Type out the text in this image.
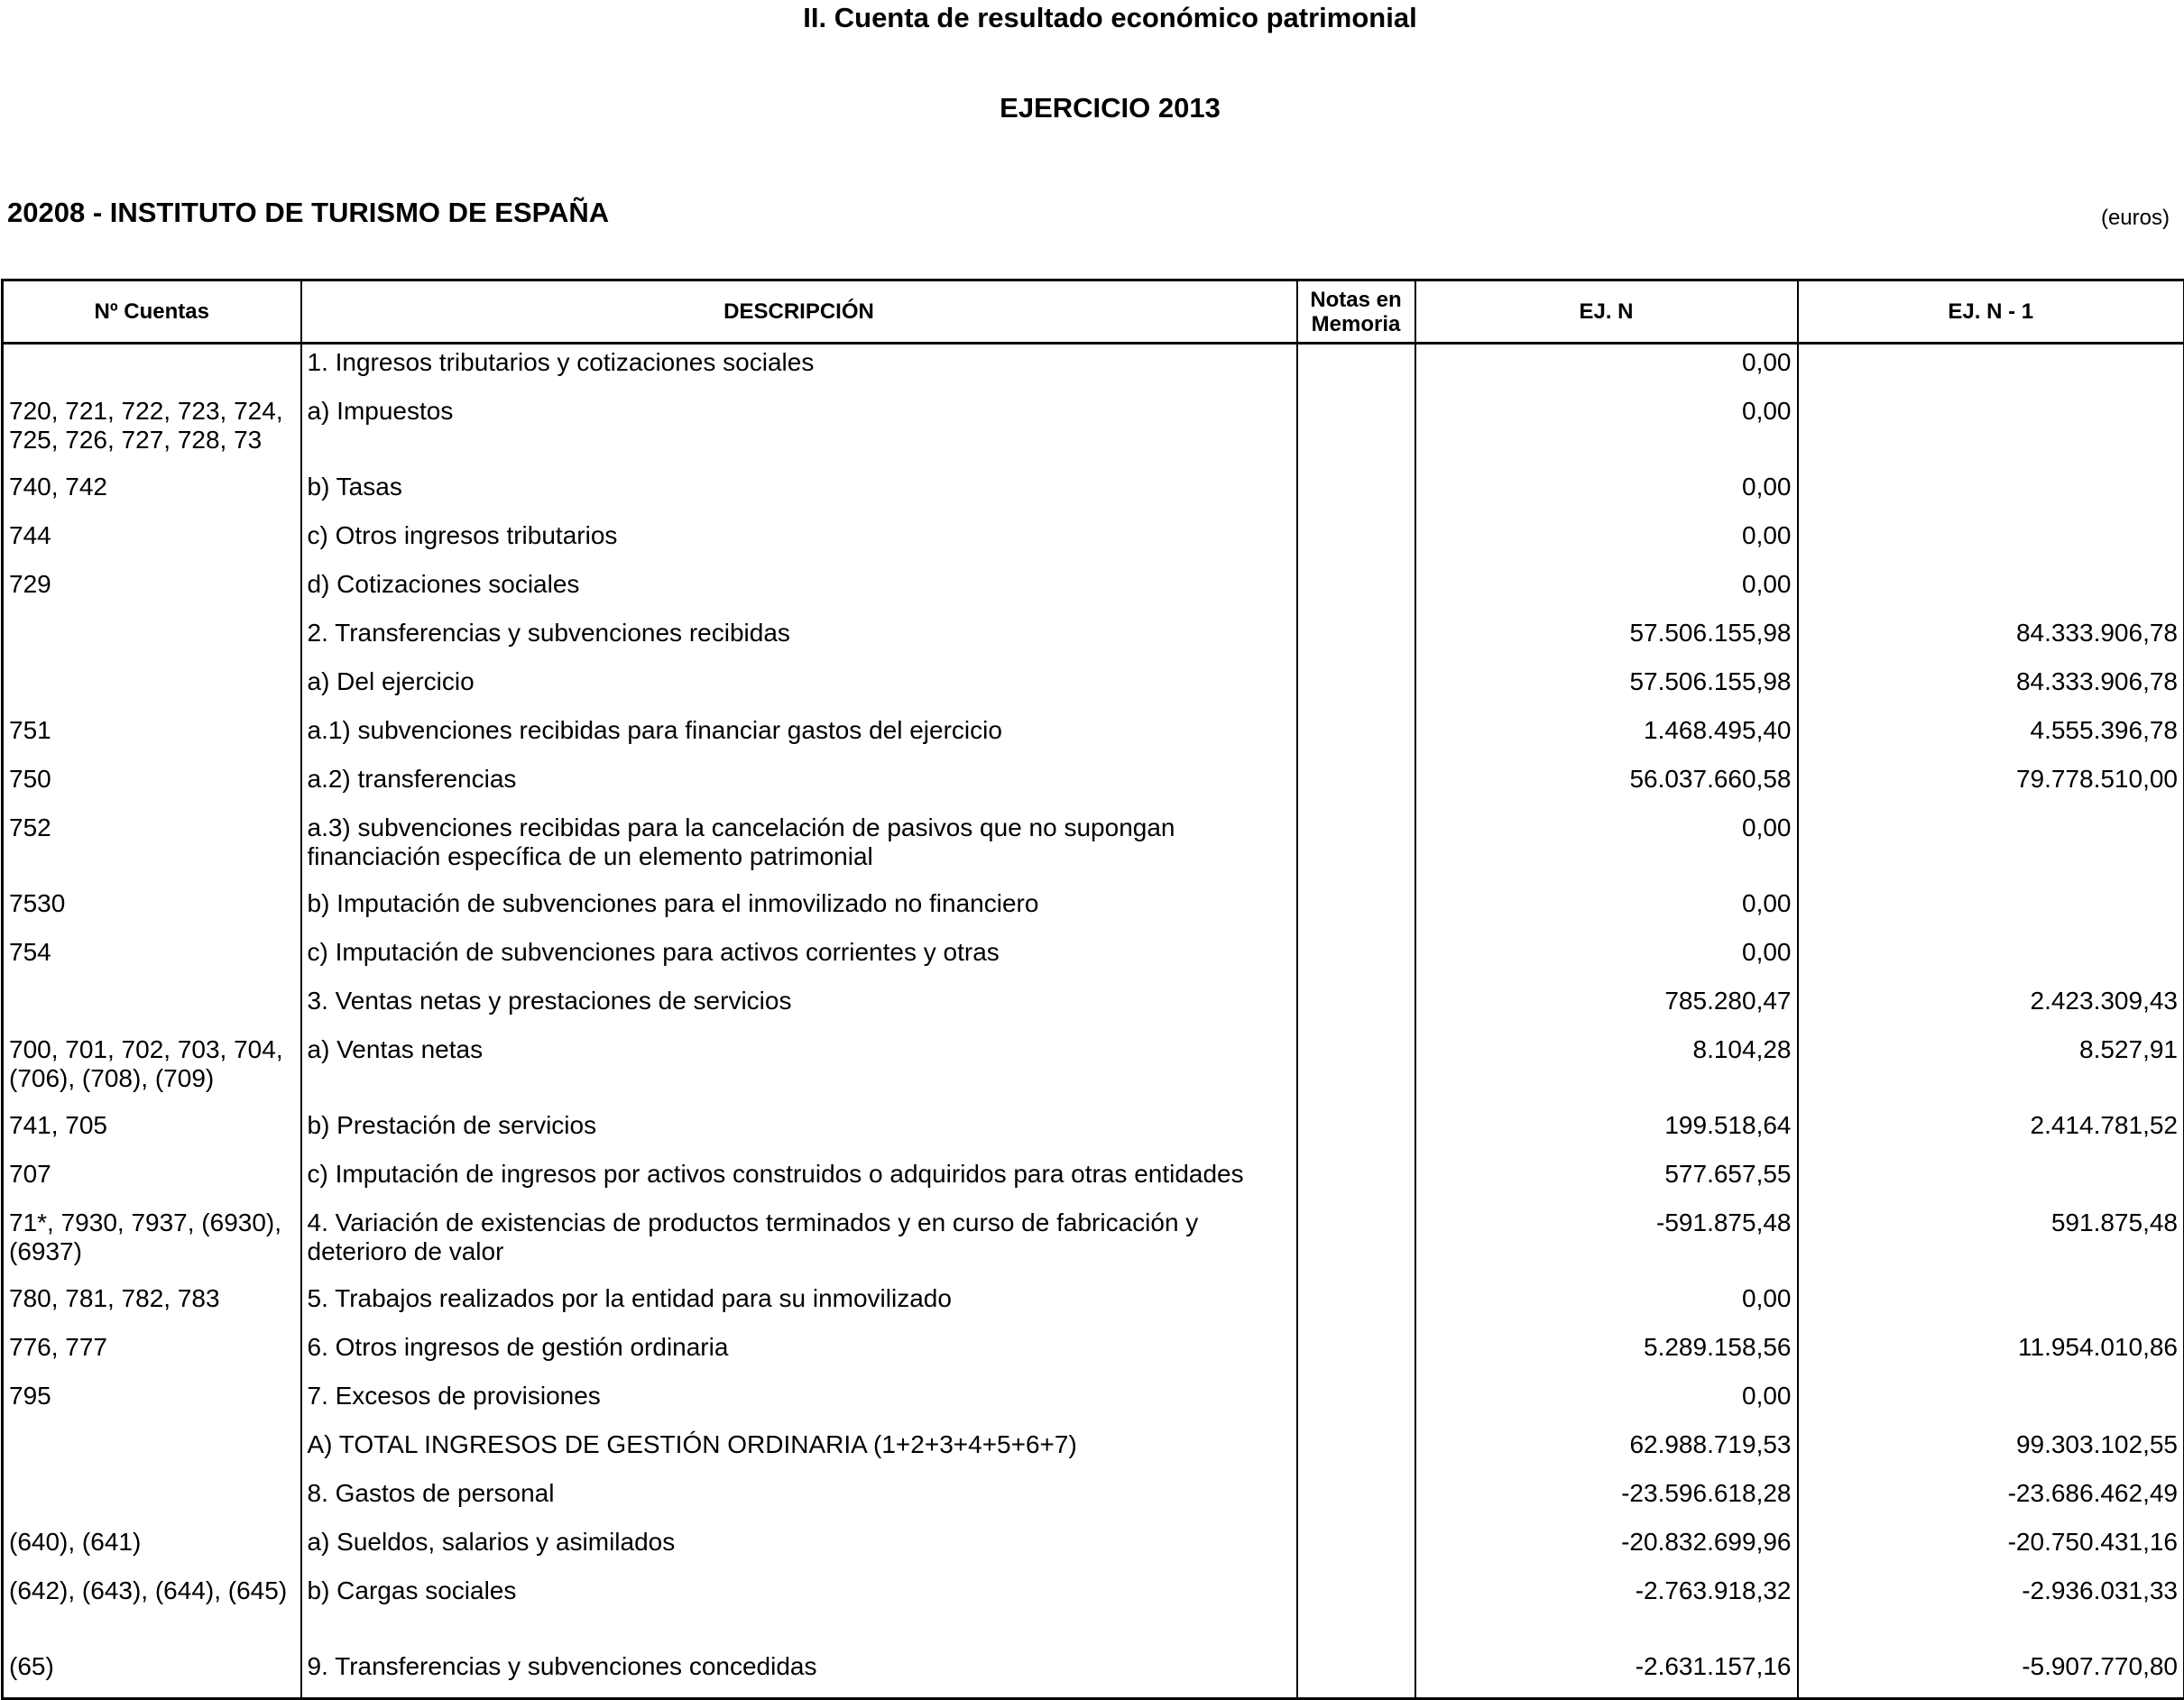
II. Cuenta de resultado económico patrimonial
EJERCICIO 2013
20208 - INSTITUTO DE TURISMO DE ESPAÑA	(euros)
Nº Cuentas	DESCRIPCIÓN	Notas en Memoria	EJ. N	EJ. N - 1
	1. Ingresos tributarios y cotizaciones sociales		0,00	
720, 721, 722, 723, 724, 725, 726, 727, 728, 73	a) Impuestos		0,00	
740, 742	b) Tasas		0,00	
744	c) Otros ingresos tributarios		0,00	
729	d) Cotizaciones sociales		0,00	
	2. Transferencias y subvenciones recibidas		57.506.155,98	84.333.906,78
	a) Del ejercicio		57.506.155,98	84.333.906,78
751	a.1) subvenciones recibidas para financiar gastos del ejercicio		1.468.495,40	4.555.396,78
750	a.2) transferencias		56.037.660,58	79.778.510,00
752	a.3) subvenciones recibidas para la cancelación de pasivos que no supongan financiación específica de un elemento patrimonial		0,00	
7530	b) Imputación de subvenciones para el inmovilizado no financiero		0,00	
754	c) Imputación de subvenciones para activos corrientes y otras		0,00	
	3. Ventas netas y prestaciones de servicios		785.280,47	2.423.309,43
700, 701, 702, 703, 704, (706), (708), (709)	a) Ventas netas		8.104,28	8.527,91
741, 705	b) Prestación de servicios		199.518,64	2.414.781,52
707	c) Imputación de ingresos por activos construidos o adquiridos para otras entidades		577.657,55	
71*, 7930, 7937, (6930), (6937)	4. Variación de existencias de productos terminados y en curso de fabricación y deterioro de valor		-591.875,48	591.875,48
780, 781, 782, 783	5. Trabajos realizados por la entidad para su inmovilizado		0,00	
776, 777	6. Otros ingresos de gestión ordinaria		5.289.158,56	11.954.010,86
795	7. Excesos de provisiones		0,00	
	A) TOTAL INGRESOS DE GESTIÓN ORDINARIA (1+2+3+4+5+6+7)		62.988.719,53	99.303.102,55
	8. Gastos de personal		-23.596.618,28	-23.686.462,49
(640), (641)	a) Sueldos, salarios y asimilados		-20.832.699,96	-20.750.431,16
(642), (643), (644), (645)	b) Cargas sociales		-2.763.918,32	-2.936.031,33
(65)	9. Transferencias y subvenciones concedidas		-2.631.157,16	-5.907.770,80
